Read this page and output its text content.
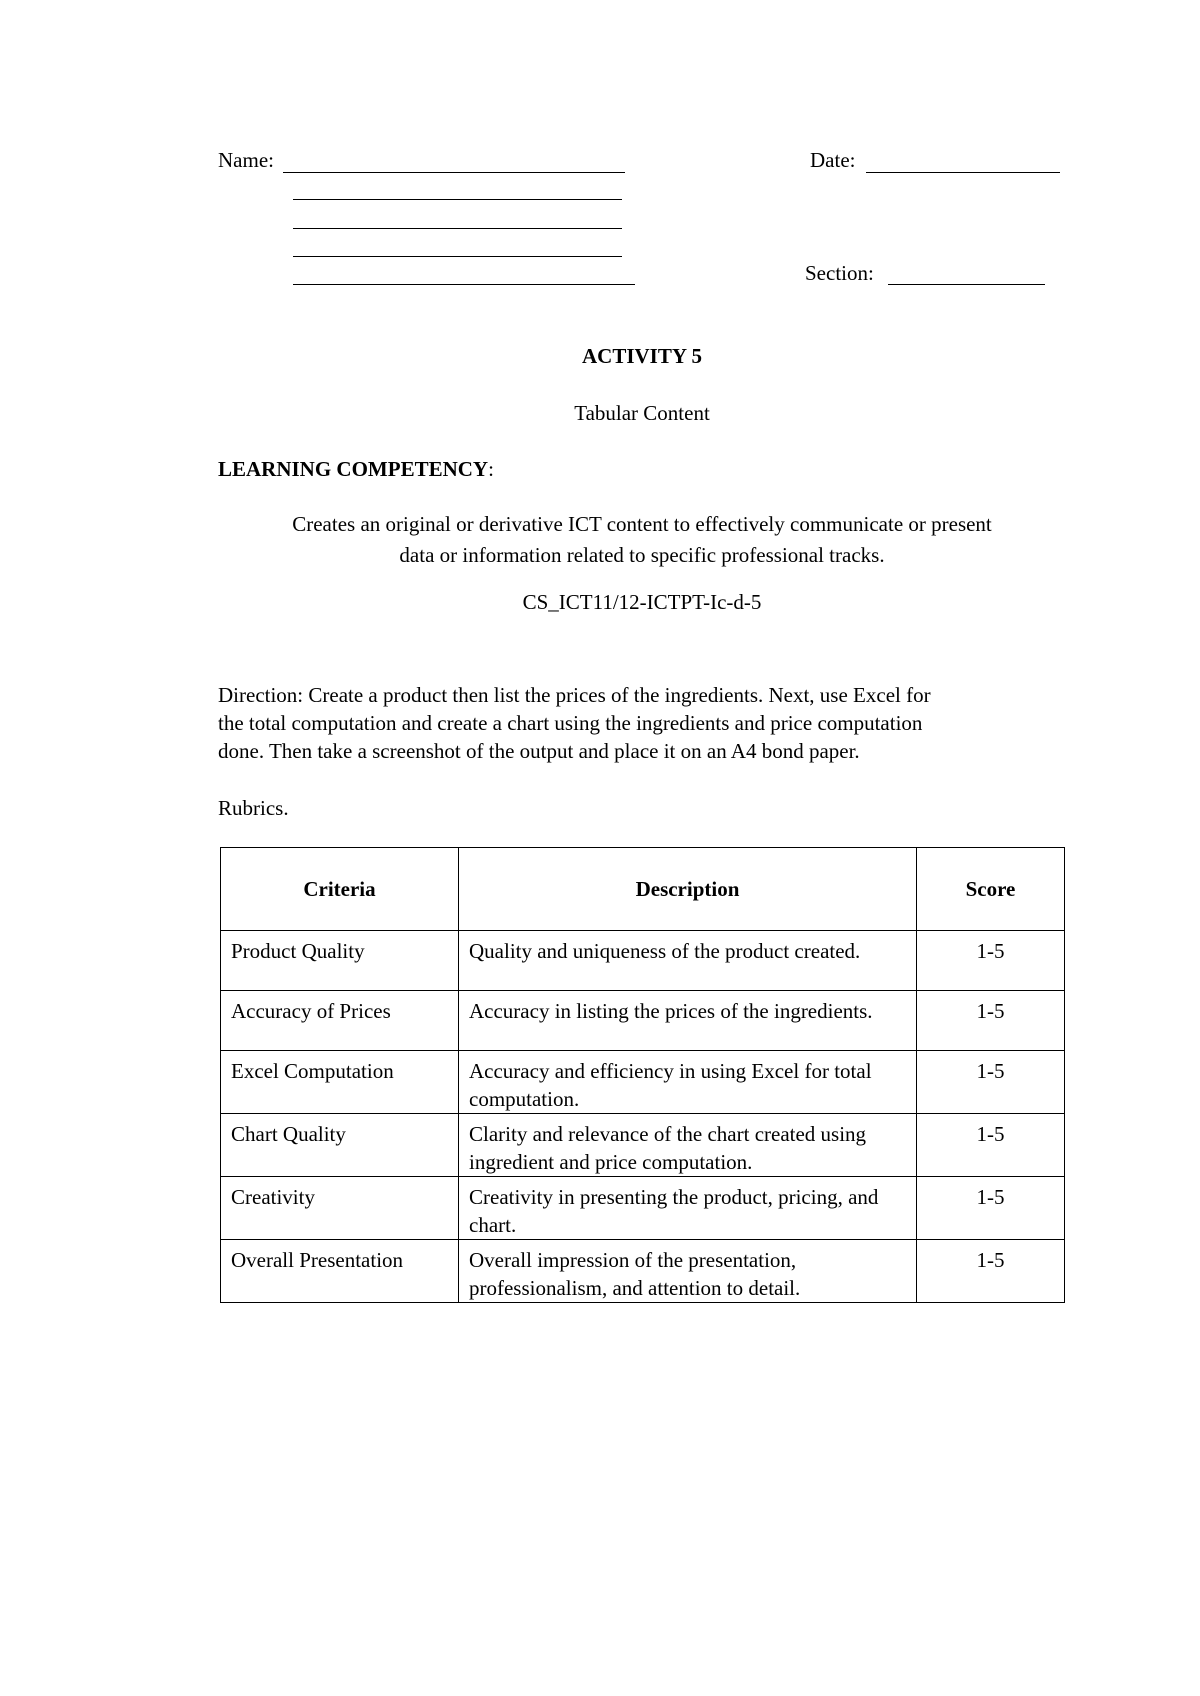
Name:	Date:
Section:
ACTIVITY 5
Tabular Content
LEARNING COMPETENCY:
Creates an original or derivative ICT content to effectively communicate or present
data or information related to specific professional tracks.
CS_ICT11/12-ICTPT-Ic-d-5
Direction: Create a product then list the prices of the ingredients. Next, use Excel for
the total computation and create a chart using the ingredients and price computation
done. Then take a screenshot of the output and place it on an A4 bond paper.
Rubrics.
Criteria	Description	Score
Product Quality	Quality and uniqueness of the product created.	1-5
Accuracy of Prices	Accuracy in listing the prices of the ingredients.	1-5
Excel Computation	Accuracy and efficiency in using Excel for total computation.	1-5
Chart Quality	Clarity and relevance of the chart created using ingredient and price computation.	1-5
Creativity	Creativity in presenting the product, pricing, and chart.	1-5
Overall Presentation	Overall impression of the presentation, professionalism, and attention to detail.	1-5
